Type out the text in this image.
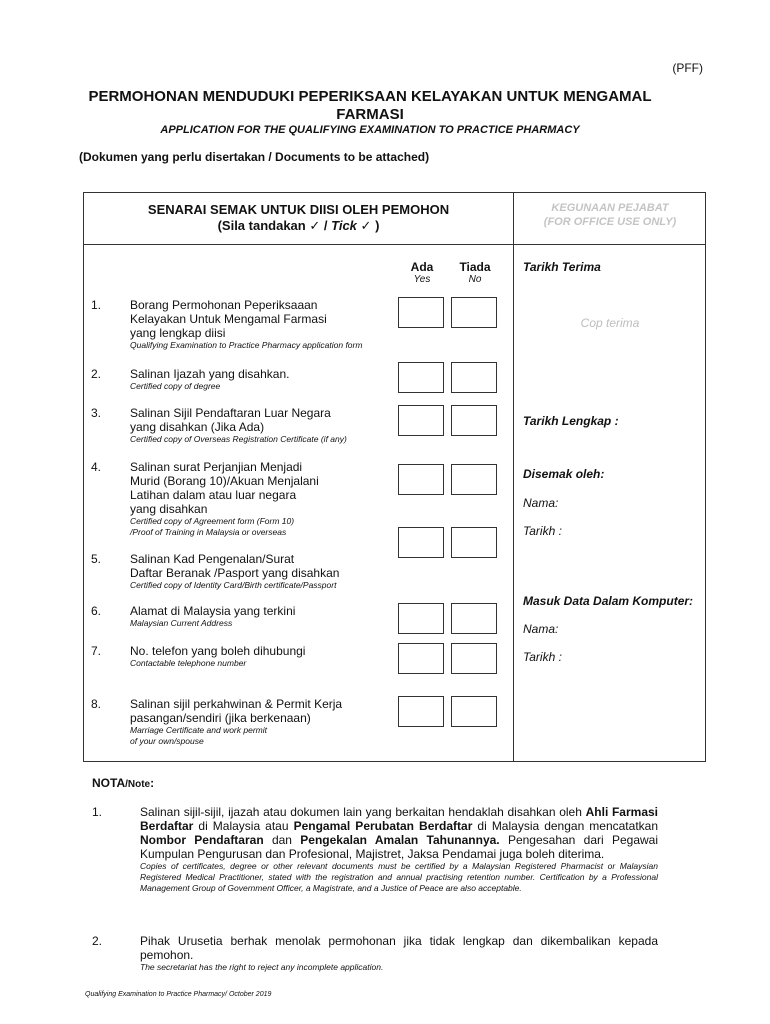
(PFF)
PERMOHONAN MENDUDUKI PEPERIKSAAN KELAYAKAN UNTUK MENGAMAL FARMASI
APPLICATION FOR THE QUALIFYING EXAMINATION TO PRACTICE PHARMACY
(Dokumen yang perlu disertakan / Documents to be attached)
SENARAI SEMAK UNTUK DIISI OLEH PEMOHON
(Sila tandakan ✓ / Tick ✓ )
KEGUNAAN PEJABAT
(FOR OFFICE USE ONLY)
Ada
Yes
Tiada
No
1. Borang Permohonan Peperiksaaan
Kelayakan Untuk Mengamal Farmasi
yang lengkap diisi
Qualifying Examination to Practice Pharmacy application form
2. Salinan Ijazah yang disahkan.
Certified copy of degree
3. Salinan Sijil Pendaftaran Luar Negara
yang disahkan (Jika Ada)
Certified copy of Overseas Registration Certificate (if any)
4. Salinan surat Perjanjian Menjadi
Murid (Borang 10)/Akuan Menjalani
Latihan dalam atau luar negara
yang disahkan
Certified copy of Agreement form (Form 10)
/Proof of Training in Malaysia or overseas
5. Salinan Kad Pengenalan/Surat
Daftar Beranak /Pasport yang disahkan
Certified copy of Identity Card/Birth certificate/Passport
6. Alamat di Malaysia yang terkini
Malaysian Current Address
7. No. telefon yang boleh dihubungi
Contactable telephone number
8. Salinan sijil perkahwinan & Permit Kerja
pasangan/sendiri (jika berkenaan)
Marriage Certificate and work permit
of your own/spouse
Tarikh Terima
Cop terima
Tarikh Lengkap :
Disemak oleh:
Nama:
Tarikh :
Masuk Data Dalam Komputer:
Nama:
Tarikh :
NOTA/Note:
1.	Salinan sijil-sijil, ijazah atau dokumen lain yang berkaitan hendaklah disahkan oleh Ahli Farmasi Berdaftar di Malaysia atau Pengamal Perubatan Berdaftar di Malaysia dengan mencatatkan Nombor Pendaftaran dan Pengekalan Amalan Tahunannya. Pengesahan dari Pegawai Kumpulan Pengurusan dan Profesional, Majistret, Jaksa Pendamai juga boleh diterima.
Copies of certificates, degree or other relevant documents must be certified by a Malaysian Registered Pharmacist or Malaysian Registered Medical Practitioner, stated with the registration and annual practising retention number. Certification by a Professional Management Group of Government Officer, a Magistrate, and a Justice of Peace are also acceptable.
2.	Pihak Urusetia berhak menolak permohonan jika tidak lengkap dan dikembalikan kepada pemohon.
The secretariat has the right to reject any incomplete application.
Qualifying Examination to Practice Pharmacy/ October 2019
